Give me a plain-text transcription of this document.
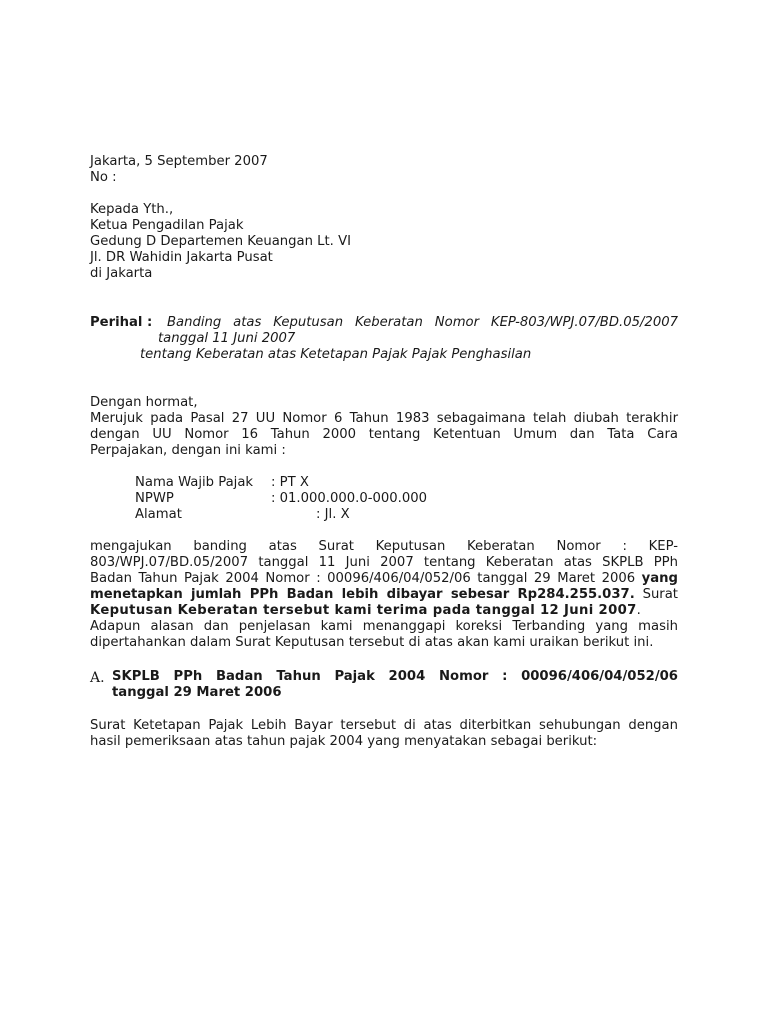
Jakarta, 5 September 2007
No :
Kepada Yth.,
Ketua Pengadilan Pajak
Gedung D Departemen Keuangan Lt. VI
Jl. DR Wahidin Jakarta Pusat
di Jakarta
Perihal : Banding atas Keputusan Keberatan Nomor KEP-803/WPJ.07/BD.05/2007
tanggal 11 Juni 2007
tentang Keberatan atas Ketetapan Pajak Pajak Penghasilan
Dengan hormat,
Merujuk pada Pasal 27 UU Nomor 6 Tahun 1983 sebagaimana telah diubah terakhir
dengan UU Nomor 16 Tahun 2000 tentang Ketentuan Umum dan Tata Cara
Perpajakan, dengan ini kami :
Nama Wajib Pajak : PT X
NPWP	: 01.000.000.0-000.000
Alamat	: Jl. X
mengajukan banding atas Surat Keputusan Keberatan Nomor : KEP-
803/WPJ.07/BD.05/2007 tanggal 11 Juni 2007 tentang Keberatan atas SKPLB PPh
Badan Tahun Pajak 2004 Nomor : 00096/406/04/052/06 tanggal 29 Maret 2006 yang
menetapkan jumlah PPh Badan lebih dibayar sebesar Rp284.255.037. Surat
Keputusan Keberatan tersebut kami terima pada tanggal 12 Juni 2007.
Adapun alasan dan penjelasan kami menanggapi koreksi Terbanding yang masih
dipertahankan dalam Surat Keputusan tersebut di atas akan kami uraikan berikut ini.
A. SKPLB PPh Badan Tahun Pajak 2004 Nomor : 00096/406/04/052/06
tanggal 29 Maret 2006
Surat Ketetapan Pajak Lebih Bayar tersebut di atas diterbitkan sehubungan dengan
hasil pemeriksaan atas tahun pajak 2004 yang menyatakan sebagai berikut:
